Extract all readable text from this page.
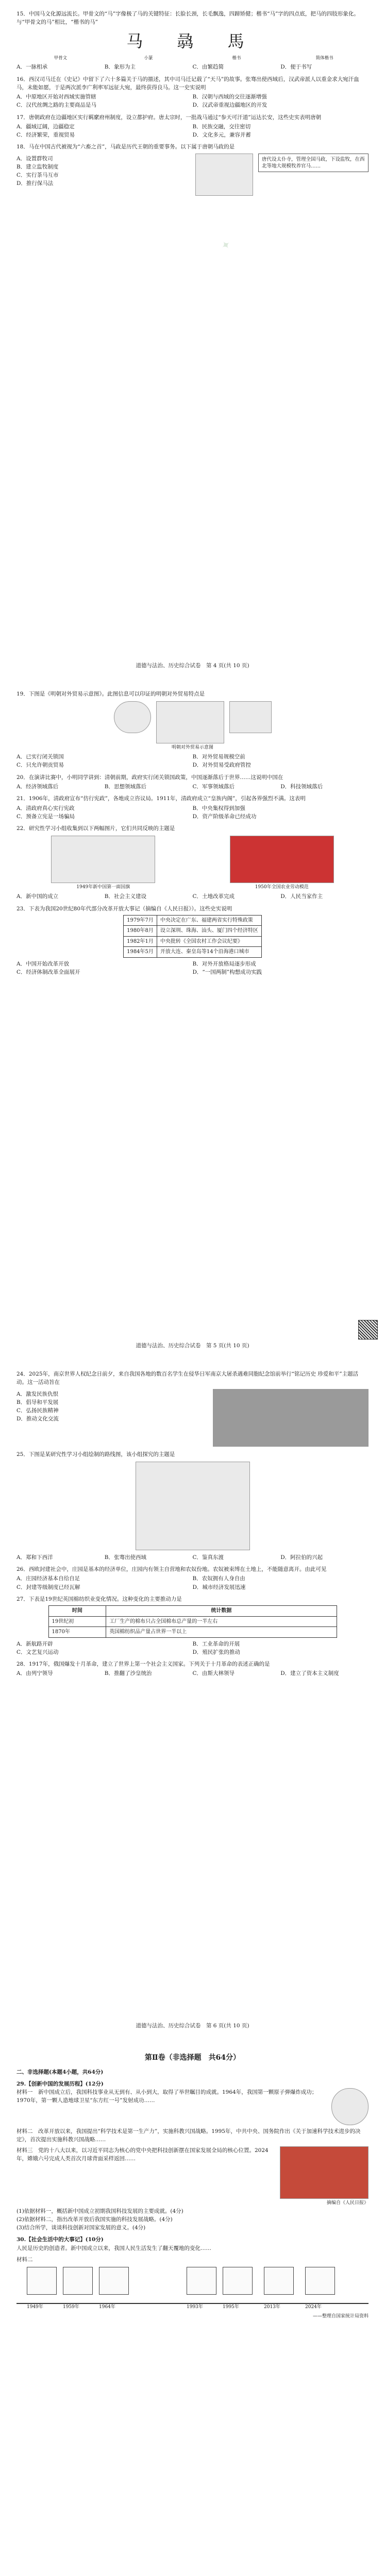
15．中国马文化源远流长。甲骨文的“马”字像极了马的关键特征：长脸长颈，长毛飘逸，四蹄矫健；楷书“马”字的四点底，把马的四肢形象化。与“甲骨文的马”相比，“楷书的马”

马 骉 馬
甲骨文	小篆	楷书	简体楷书
A．一脉相承	B．象形为主	C．由繁趋简	D．便于书写

16．西汉司马迁在《史记》中留下了六十多篇关于马的描述，其中司马迁记载了“天马”的故事。张骞出使西域后，汉武帝派人以重金求大宛汗血马，未能如愿，于是两次派李广利率军远征大宛，最终获得良马。这一史实说明

A．中原地区开始对西域实施管辖	B．汉朝与西域的交往逐渐增强
C．汉代丝绸之路的主要商品是马	D．汉武帝重视边疆地区的开发

17．唐朝政府在边疆地区实行羁縻府州制度，设立都护府。唐太宗时，一批战马通过“参天可汗道”运达长安，这些史实表明唐朝

A．疆域辽阔，边疆稳定	B．民族交融，交往密切
C．经济繁荣，重视贸易	D．文化多元，兼容并蓄

18．马在中国古代被视为“六畜之首”，马政是历代王朝的重要事务。以下属于唐朝马政的是

A．设置群牧司
B．建立监牧制度
C．实行茶马互市
D．推行保马法
唐代设太仆寺，管理全国马政，下设监牧，在西北等地大规模牧养官马……
✦
道德与法治、历史综合试卷　第 4 页(共 10 页)

19．下图是《明朝对外贸易示意图》。此图信息可以印证的明朝对外贸易特点是

明朝对外贸易示意图
A．已实行闭关锁国	B．对外贸易规模空前
C．只允许朝贡贸易	D．对外贸易受政府管控

20．在演讲比赛中，小明同学讲到：清朝前期，政府实行闭关锁国政策，中国逐渐落后于世界……这说明中国在

A．经济领域落后	B．思想领域落后	C．军事领域落后	D．科技领域落后

21．1906年，清政府宣布“仿行宪政”，各地成立咨议局。1911年，清政府成立“皇族内阁”，引起各界强烈不满。这表明

A．清政府真心实行宪政	B．中央集权得到加强
C．预备立宪是一场骗局	D．资产阶级革命已经成功

22．研究性学习小组收集到以下两幅图片，它们共同反映的主题是

1949年新中国第一面国旗	1950年全国农业劳动模范
A．新中国的成立	B．社会主义建设	C．土地改革完成	D．人民当家作主

23．下表为我国20世纪80年代部分改革开放大事记（摘编自《人民日报》）。这些史实说明

1979年7月	中央决定在广东、福建两省实行特殊政策
1980年8月	设立深圳、珠海、汕头、厦门四个经济特区
1982年1月	中央批转《全国农村工作会议纪要》
1984年5月	开放大连、秦皇岛等14个沿海港口城市
A．中国开始改革开放	B．对外开放格局逐步形成
C．经济体制改革全面展开	D．“一国两制”构想成功实践
道德与法治、历史综合试卷　第 5 页(共 10 页)

24．2025年，南京世界人权纪念日前夕，来自我国各地的数百名学生在侵华日军南京大屠杀遇难同胞纪念馆前举行“铭记历史 珍爱和平”主题活动。这一活动旨在

A．激发民族仇恨
B．倡导和平发展
C．弘扬民族精神
D．推动文化交流

25．下图是某研究性学习小组绘制的路线图，该小组探究的主题是

A．郑和下西洋	B．张骞出使西域	C．鉴真东渡	D．阿拉伯的兴起

26．西欧封建社会中，庄园是基本的经济单位，庄园内有领主自营地和农奴份地。农奴被束缚在土地上，不能随意离开。由此可见

A．庄园经济基本自给自足	B．农奴拥有人身自由
C．封建等级制度已经瓦解	D．城市经济发展迅速

27．下表是19世纪英国棉纺织业变化情况。这种变化的主要推动力是

时间	统计数据
19世纪初	工厂生产的棉布只占全国棉布总产量的一半左右
1870年	英国棉纺织品产量占世界一半以上
A．新航路开辟	B．工业革命的开展
C．文艺复兴运动	D．殖民扩张的推动

28．1917年，俄国爆发十月革命，建立了世界上第一个社会主义国家。下列关于十月革命的表述正确的是

A．由列宁领导	B．推翻了沙皇统治	C．由斯大林领导	D．建立了资本主义制度
道德与法治、历史综合试卷　第 6 页(共 10 页)
第Ⅱ卷（非选择题　共64分）
二、非选择题(本题4小题，共64分)

29.【创新中国的发展历程】(12分)

材料一　新中国成立后，我国科技事业从无到有、从小到大，取得了举世瞩目的成就。1964年，我国第一颗原子弹爆炸成功；1970年，第一颗人造地球卫星“东方红一号”发射成功……

材料二　改革开放以来，我国提出“科学技术是第一生产力”，实施科教兴国战略。1995年，中共中央、国务院作出《关于加速科学技术进步的决定》，首次提出实施科教兴国战略……

材料三　党的十八大以来，以习近平同志为核心的党中央把科技创新摆在国家发展全局的核心位置。2024年，嫦娥六号完成人类首次月球背面采样返回……

摘编自《人民日报》

(1)依据材料一，概括新中国成立初期我国科技发展的主要成就。(4分)

(2)依据材料二，指出改革开放后我国实施的科技发展战略。(4分)

(3)结合所学，谈谈科技创新对国家发展的意义。(4分)

30.【社会生活中的大事记】(10分)

人民是历史的创造者。新中国成立以来，我国人民生活发生了翻天覆地的变化……

材料二

1949年	1959年	1964年	1993年	1995年	2013年	2024年
——整理自国家统计局资料
